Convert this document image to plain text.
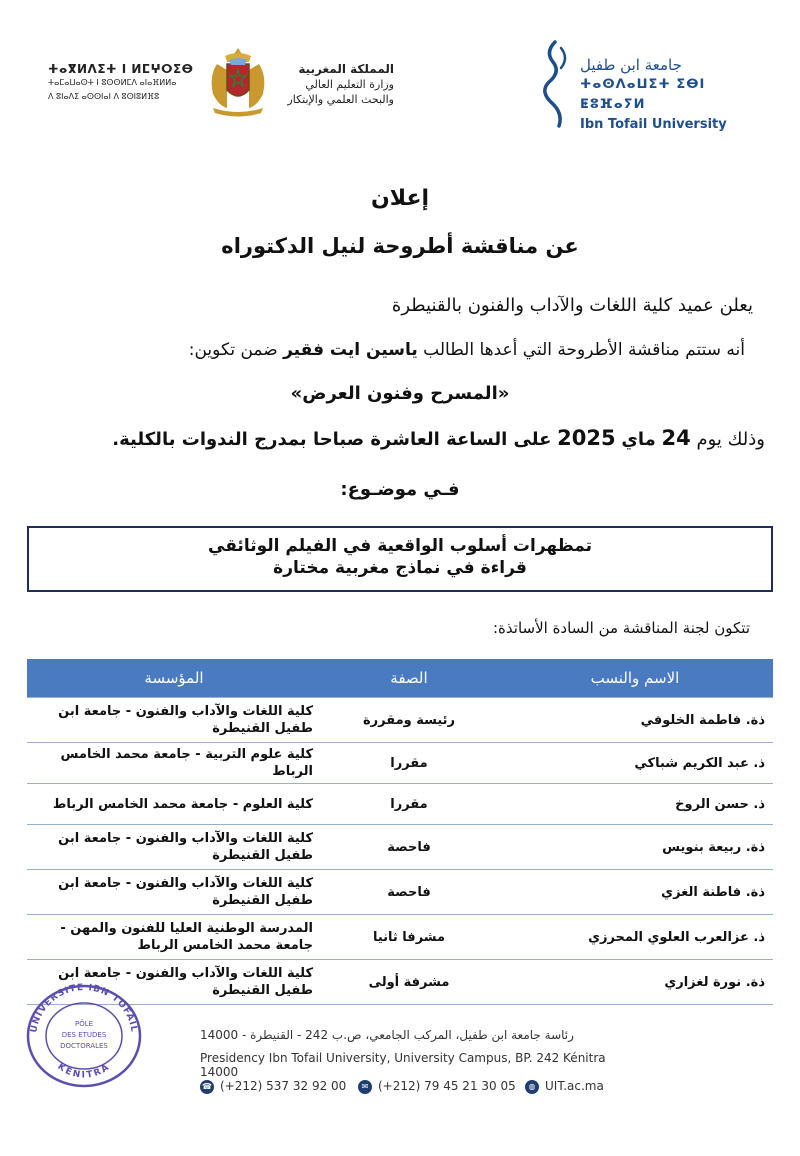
ⵜⴰⴳⵍⴷⵉⵜ ⵏ ⵍⵎⵖⵔⵉⴱ
ⵜⴰⵎⴰⵡⴰⵙⵜ ⵏ ⵓⵙⵙⵍⵎⴷ ⴰⵏⴰⴼⵍⵍⴰ
ⴷ ⵓⵏⴰⴷⵉ ⴰⵙⵙⵏⴰⵏ ⴷ ⵓⵙⵏⵓⵍⴼⵓ
المملكة المغربية
وزارة التعليم العالي
والبحث العلمي والإبتكار
جامعة ابن طفيل
ⵜⴰⵙⴷⴰⵡⵉⵜ ⵉⴱⵏ ⵟⵓⴼⴰⵢⵍ
Ibn Tofail University
إعلان
عن مناقشة أطروحة لنيل الدكتوراه
يعلن عميد كلية اللغات والآداب والفنون بالقنيطرة
أنه ستتم مناقشة الأطروحة التي أعدها الطالب ياسين ايت فقير ضمن تكوين:
«المسرح وفنون العرض»
وذلك يوم 24 ماي 2025 على الساعة العاشرة صباحا بمدرج الندوات بالكلية.
فـي موضـوع:
تمظهرات أسلوب الواقعية في الفيلم الوثائقي
قراءة في نماذج مغربية مختارة
تتكون لجنة المناقشة من السادة الأساتذة:
الاسم والنسب	الصفة	المؤسسة
ذة. فاطمة الخلوفي	رئيسة ومقررة	كلية اللغات والآداب والفنون - جامعة ابن طفيل القنيطرة
ذ. عبد الكريم شباكي	مقررا	كلية علوم التربية - جامعة محمد الخامس الرباط
ذ. حسن الروخ	مقررا	كلية العلوم - جامعة محمد الخامس الرباط
ذة. ربيعة بنويس	فاحصة	كلية اللغات والآداب والفنون - جامعة ابن طفيل القنيطرة
ذة. فاطنة الغزي	فاحصة	كلية اللغات والآداب والفنون - جامعة ابن طفيل القنيطرة
ذ. عزالعرب العلوي المحرزي	مشرفا ثانيا	المدرسة الوطنية العليا للفنون والمهن - جامعة محمد الخامس الرباط
ذة. نورة لغزاري	مشرفة أولى	كلية اللغات والآداب والفنون - جامعة ابن طفيل القنيطرة
UNIVERSITE IBN TOFAIL
KENITRA
PÔLE
DES ETUDES
DOCTORALES
رئاسة جامعة ابن طفيل، المركب الجامعي، ص.ب 242 - القنيطرة - 14000
Presidency Ibn Tofail University, University Campus, BP. 242 Kénitra 14000
☎ (+212) 537 32 92 00	✉ (+212) 79 45 21 30 05	◍ UIT.ac.ma
